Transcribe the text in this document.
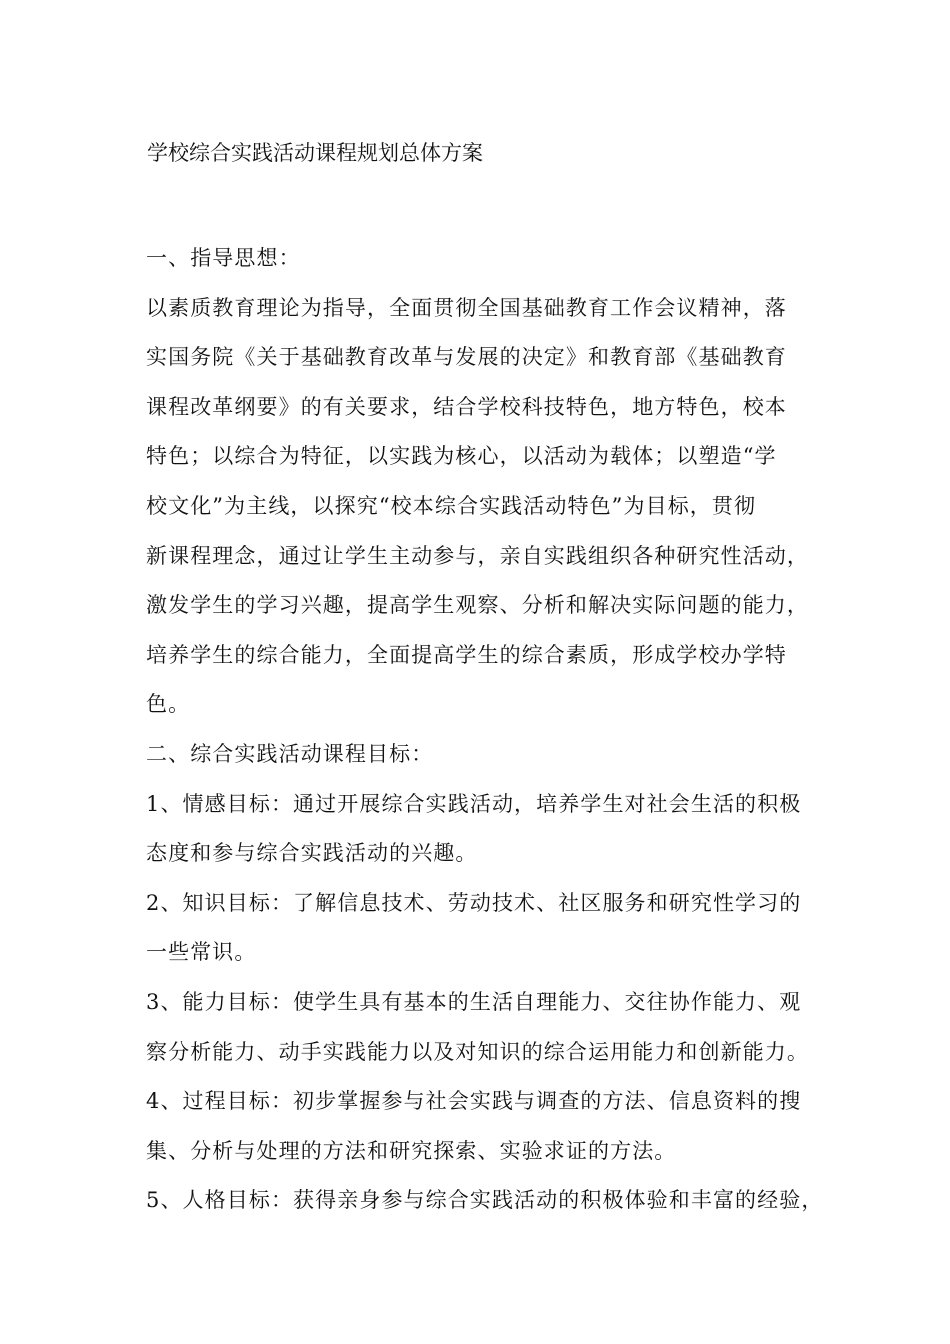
学校综合实践活动课程规划总体方案
一、指导思想：
以素质教育理论为指导，全面贯彻全国基础教育工作会议精神，落
实国务院《关于基础教育改革与发展的决定》和教育部《基础教育
课程改革纲要》的有关要求，结合学校科技特色，地方特色，校本
特色；以综合为特征，以实践为核心，以活动为载体；以塑造“学
校文化”为主线，以探究“校本综合实践活动特色”为目标，贯彻
新课程理念，通过让学生主动参与，亲自实践组织各种研究性活动，
激发学生的学习兴趣，提高学生观察、分析和解决实际问题的能力，
培养学生的综合能力，全面提高学生的综合素质，形成学校办学特
色。
二、综合实践活动课程目标：
1、情感目标：通过开展综合实践活动，培养学生对社会生活的积极
态度和参与综合实践活动的兴趣。
2、知识目标：了解信息技术、劳动技术、社区服务和研究性学习的
一些常识。
3、能力目标：使学生具有基本的生活自理能力、交往协作能力、观
察分析能力、动手实践能力以及对知识的综合运用能力和创新能力。
4、过程目标：初步掌握参与社会实践与调查的方法、信息资料的搜
集、分析与处理的方法和研究探索、实验求证的方法。
5、人格目标：获得亲身参与综合实践活动的积极体验和丰富的经验，
